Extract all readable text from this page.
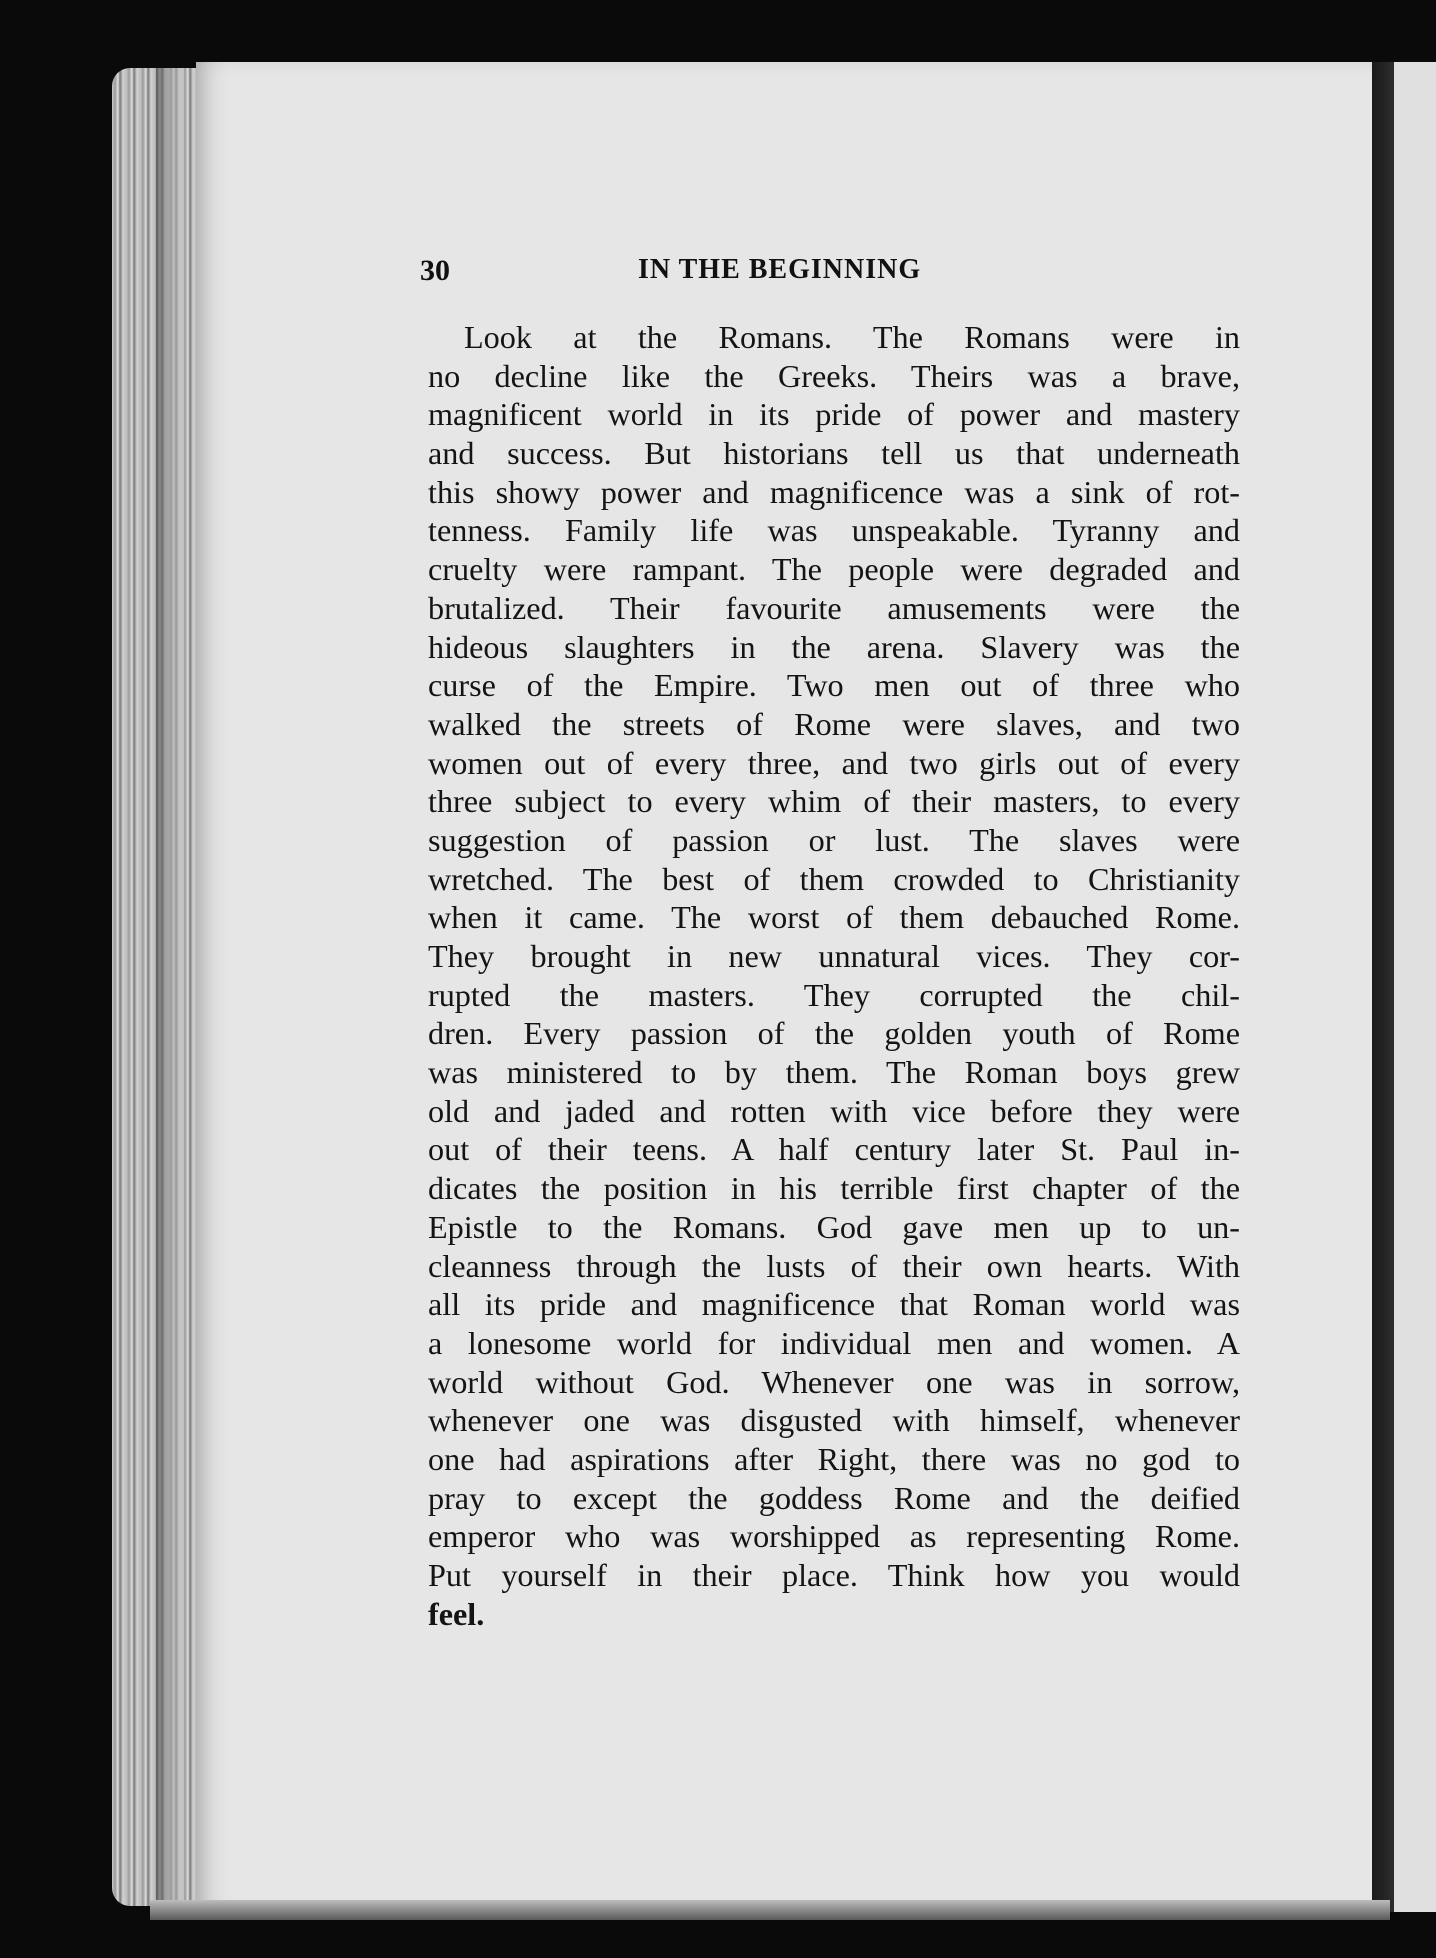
30	IN THE BEGINNING
Look at the Romans. The Romans were in
no decline like the Greeks. Theirs was a brave,
magnificent world in its pride of power and mastery
and success. But historians tell us that underneath
this showy power and magnificence was a sink of rot-
tenness. Family life was unspeakable. Tyranny and
cruelty were rampant. The people were degraded and
brutalized. Their favourite amusements were the
hideous slaughters in the arena. Slavery was the
curse of the Empire. Two men out of three who
walked the streets of Rome were slaves, and two
women out of every three, and two girls out of every
three subject to every whim of their masters, to every
suggestion of passion or lust. The slaves were
wretched. The best of them crowded to Christianity
when it came. The worst of them debauched Rome.
They brought in new unnatural vices. They cor-
rupted the masters. They corrupted the chil-
dren. Every passion of the golden youth of Rome
was ministered to by them. The Roman boys grew
old and jaded and rotten with vice before they were
out of their teens. A half century later St. Paul in-
dicates the position in his terrible first chapter of the
Epistle to the Romans. God gave men up to un-
cleanness through the lusts of their own hearts. With
all its pride and magnificence that Roman world was
a lonesome world for individual men and women. A
world without God. Whenever one was in sorrow,
whenever one was disgusted with himself, whenever
one had aspirations after Right, there was no god to
pray to except the goddess Rome and the deified
emperor who was worshipped as representing Rome.
Put yourself in their place. Think how you would
feel.
